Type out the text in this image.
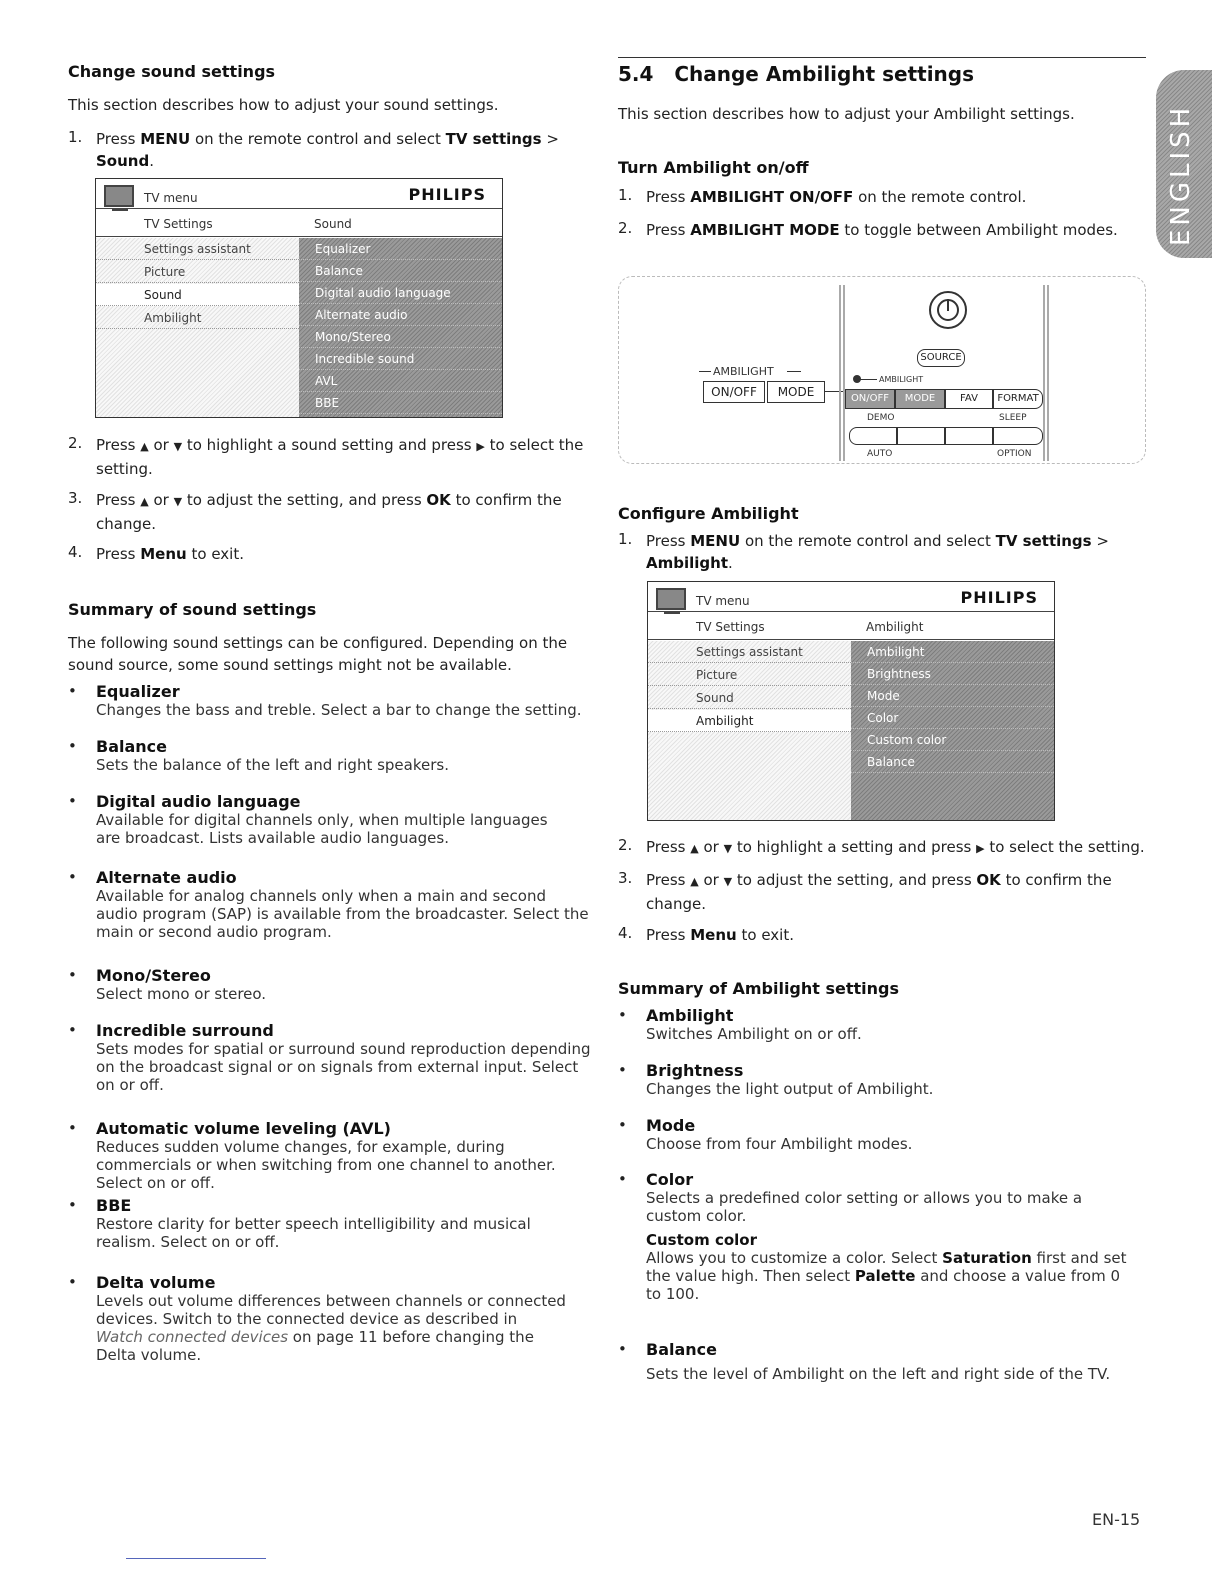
Change sound settings

This section describes how to adjust your sound settings.

1. Press MENU on the remote control and select TV settings > Sound.

TV menu	PHILIPS
TV Settings	Sound
Settings assistant
Picture
Sound
Ambilight
Equalizer
Balance
Digital audio language
Alternate audio
Mono/Stereo
Incredible sound
AVL
BBE
2. Press ▲ or ▼ to highlight a sound setting and press ▶ to select the setting.

3. Press ▲ or ▼ to adjust the setting, and press OK to confirm the change.

4. Press Menu to exit.

Summary of sound settings

The following sound settings can be configured. Depending on the sound source, some sound settings might not be available.

• Equalizer
Changes the bass and treble. Select a bar to change the setting.
• Balance
Sets the balance of the left and right speakers.
• Digital audio language
Available for digital channels only, when multiple languages are broadcast. Lists available audio languages.
• Alternate audio
Available for analog channels only when a main and second audio program (SAP) is available from the broadcaster. Select the main or second audio program.
• Mono/Stereo
Select mono or stereo.
• Incredible surround
Sets modes for spatial or surround sound reproduction depending on the broadcast signal or on signals from external input. Select on or off.
• Automatic volume leveling (AVL)
Reduces sudden volume changes, for example, during commercials or when switching from one channel to another. Select on or off.
• BBE
Restore clarity for better speech intelligibility and musical realism. Select on or off.
• Delta volume
Levels out volume differences between channels or connected devices. Switch to the connected device as described in Watch connected devices on page 11 before changing the Delta volume.
5.4 Change Ambilight settings

This section describes how to adjust your Ambilight settings.

Turn Ambilight on/off
1. Press AMBILIGHT ON/OFF on the remote control.

2. Press AMBILIGHT MODE to toggle between Ambilight modes.

Configure Ambilight
1. Press MENU on the remote control and select TV settings > Ambilight.

TV menu	PHILIPS
TV Settings	Ambilight
Settings assistant
Picture
Sound
Ambilight
Ambilight
Brightness
Mode
Color
Custom color
Balance
2. Press ▲ or ▼ to highlight a setting and press ▶ to select the setting.

3. Press ▲ or ▼ to adjust the setting, and press OK to confirm the change.

4. Press Menu to exit.

Summary of Ambilight settings
• Ambilight
Switches Ambilight on or off.
• Brightness
Changes the light output of Ambilight.
• Mode
Choose from four Ambilight modes.
• Color
Selects a predefined color setting or allows you to make a custom color.
Custom color
Allows you to customize a color. Select Saturation first and set the value high. Then select Palette and choose a value from 0 to 100.
• Balance
Sets the level of Ambilight on the left and right side of the TV.
AMBILIGHT
ON/OFF	MODE
SOURCE
AMBILIGHT
ON/OFF	MODE	FAV	FORMAT
DEMO	SLEEP
AUTO	OPTION
ENGLISH
EN-15
